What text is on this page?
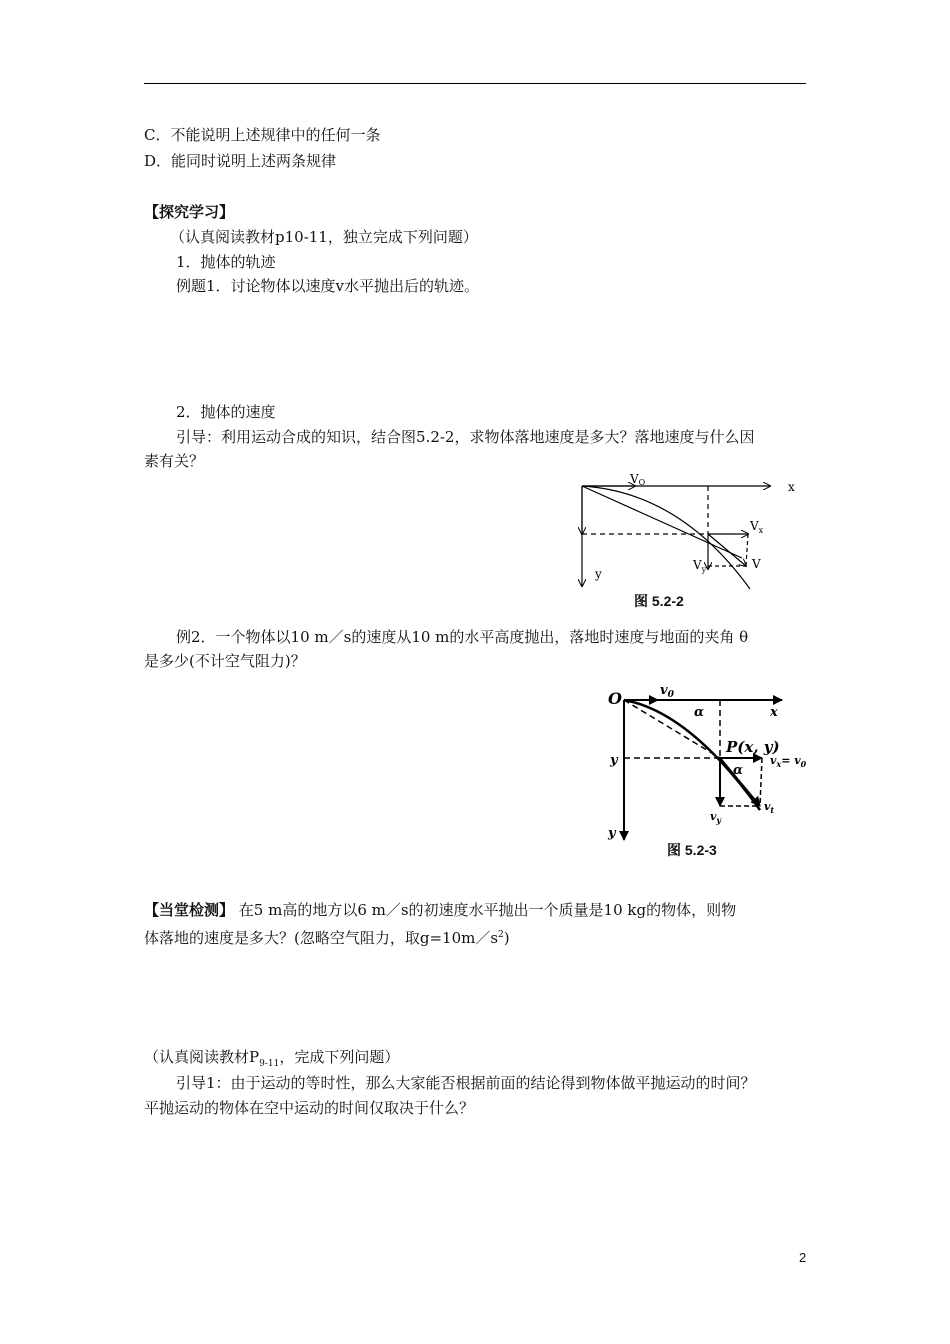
C．不能说明上述规律中的任何一条
D．能同时说明上述两条规律
【探究学习】
（认真阅读教材p10-11，独立完成下列问题）
1．抛体的轨迹
例题1．讨论物体以速度v水平抛出后的轨迹。
2．抛体的速度
引导：利用运动合成的知识，结合图5.2-2，求物体落地速度是多大？落地速度与什么因
素有关？
VO	x
y
$V_x$
$V_y$	V
图 5.2-2
例2．一个物体以10 m／s的速度从10 m的水平高度抛出，落地时速度与地面的夹角 θ
是多少(不计空气阻力)？
O	$v_0$
x
y
y
α
α
P(x, y)
$v_x= v_0$
$v_y$
$v_t$
图 5.2-3
【当堂检测】 在5 m高的地方以6 m／s的初速度水平抛出一个质量是10 kg的物体，则物
体落地的速度是多大？(忽略空气阻力，取$g=10m/s^2$)
（认真阅读教材$P_{9-11}$，完成下列问题）
引导1：由于运动的等时性，那么大家能否根据前面的结论得到物体做平抛运动的时间？
平抛运动的物体在空中运动的时间仅取决于什么？
2
